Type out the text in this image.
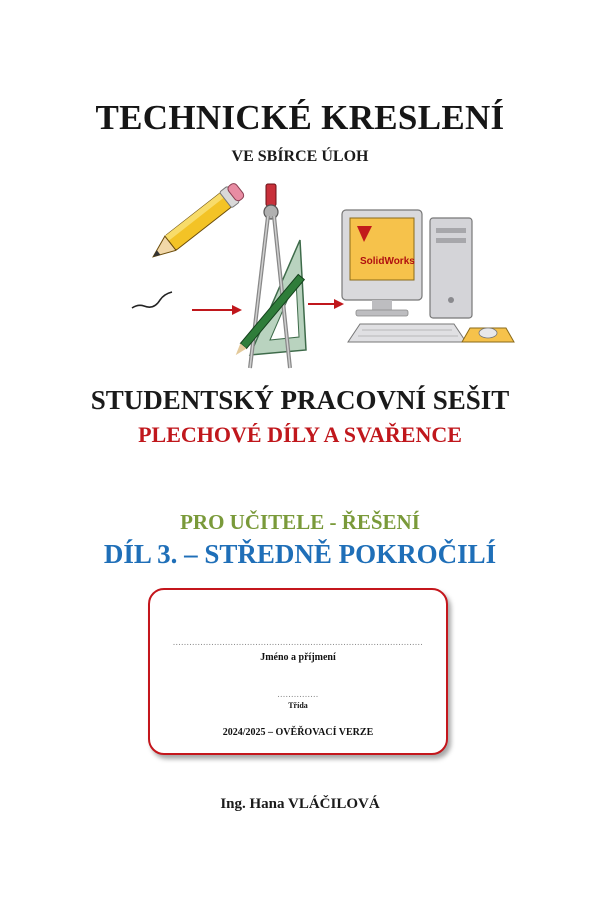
TECHNICKÉ KRESLENÍ
VE SBÍRCE ÚLOH
SolidWorks
STUDENTSKÝ PRACOVNÍ SEŠIT
PLECHOVÉ DÍLY A SVAŘENCE
PRO UČITELE - ŘEŠENÍ
DÍL 3. – STŘEDNĚ POKROČILÍ
...........................................................................................
Jméno a příjmení
...............
Třída
2024/2025 – OVĚŘOVACÍ VERZE
Ing. Hana VLÁČILOVÁ
